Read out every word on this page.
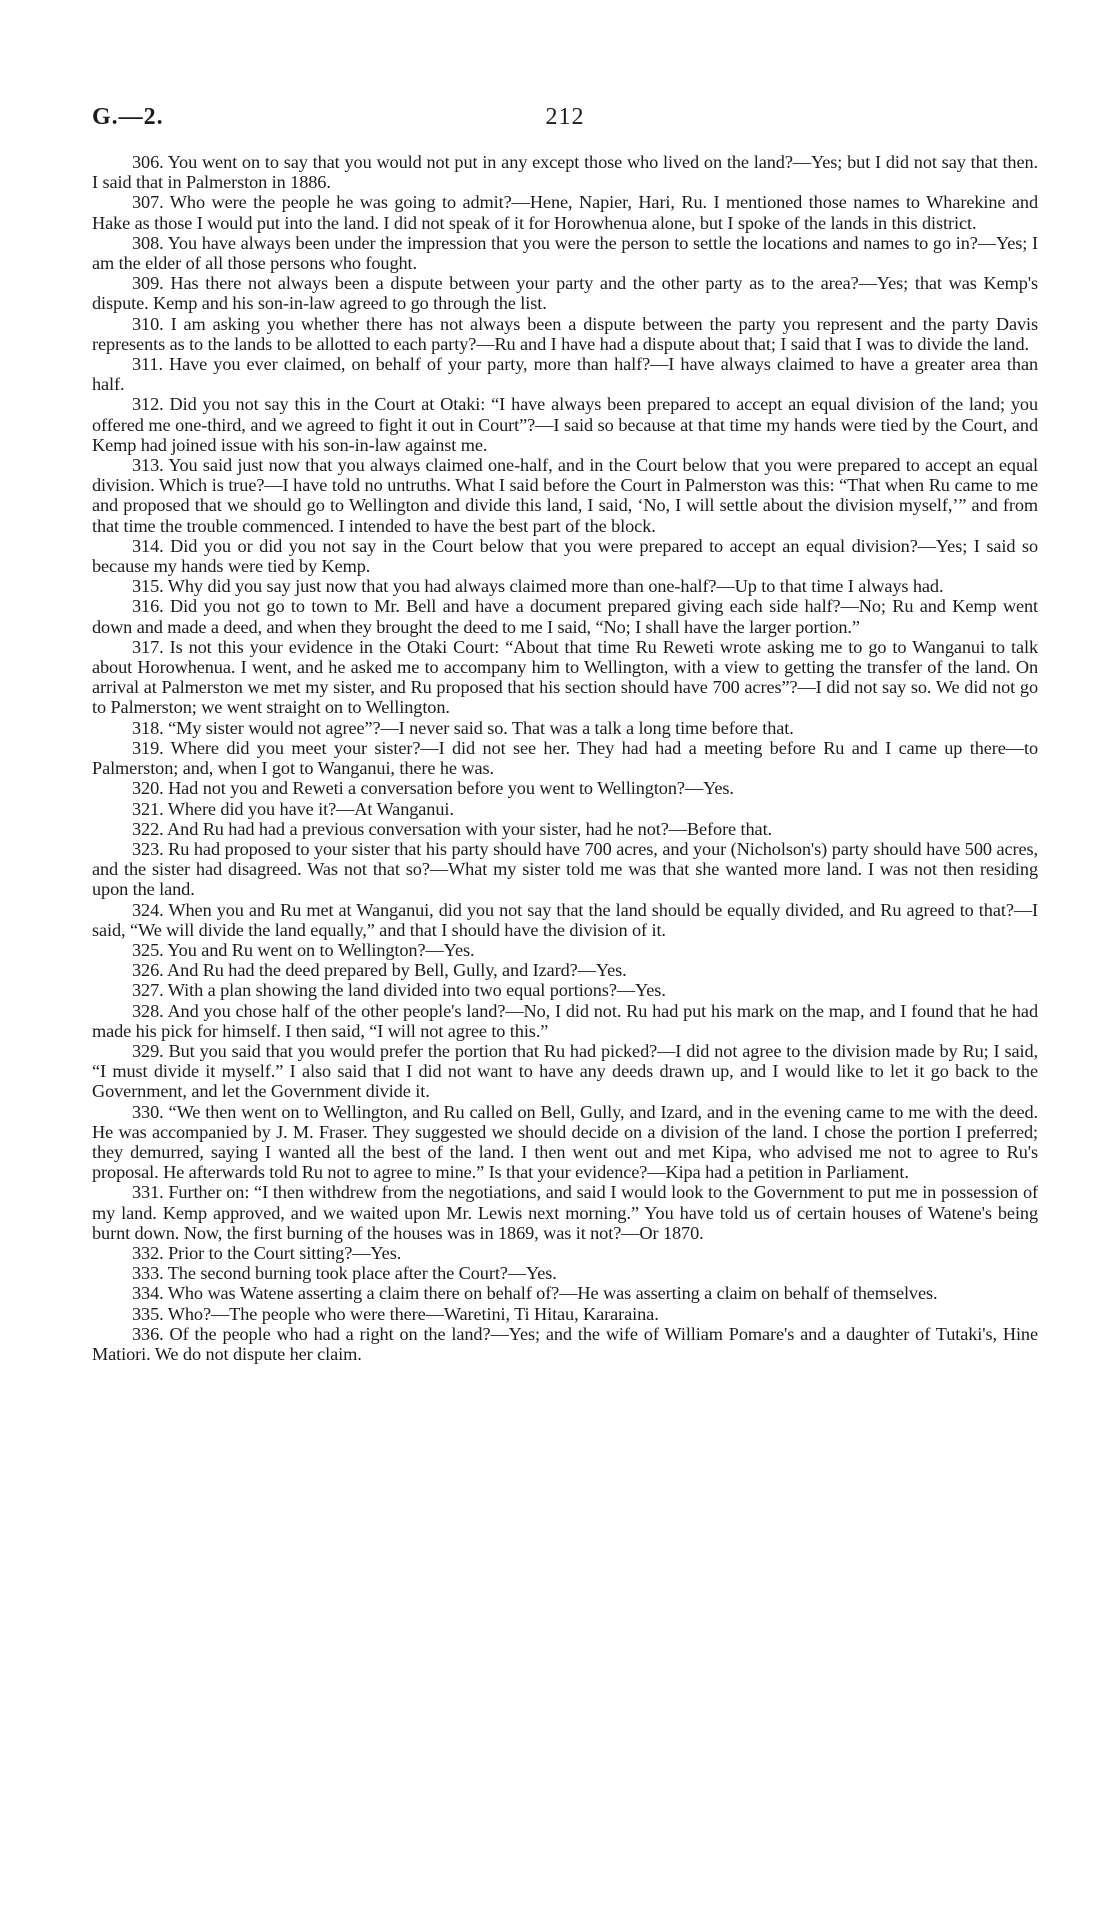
G.—2.	212

306. You went on to say that you would not put in any except those who lived on the land?—Yes; but I did not say that then. I said that in Palmerston in 1886.

307. Who were the people he was going to admit?—Hene, Napier, Hari, Ru. I mentioned those names to Wharekine and Hake as those I would put into the land. I did not speak of it for Horowhenua alone, but I spoke of the lands in this district.

308. You have always been under the impression that you were the person to settle the locations and names to go in?—Yes; I am the elder of all those persons who fought.

309. Has there not always been a dispute between your party and the other party as to the area?—Yes; that was Kemp's dispute. Kemp and his son-in-law agreed to go through the list.

310. I am asking you whether there has not always been a dispute between the party you represent and the party Davis represents as to the lands to be allotted to each party?—Ru and I have had a dispute about that; I said that I was to divide the land.

311. Have you ever claimed, on behalf of your party, more than half?—I have always claimed to have a greater area than half.

312. Did you not say this in the Court at Otaki: “I have always been prepared to accept an equal division of the land; you offered me one-third, and we agreed to fight it out in Court”?—I said so because at that time my hands were tied by the Court, and Kemp had joined issue with his son-in-law against me.

313. You said just now that you always claimed one-half, and in the Court below that you were prepared to accept an equal division. Which is true?—I have told no untruths. What I said before the Court in Palmerston was this: “That when Ru came to me and proposed that we should go to Wellington and divide this land, I said, ‘No, I will settle about the division myself,’” and from that time the trouble commenced. I intended to have the best part of the block.

314. Did you or did you not say in the Court below that you were prepared to accept an equal division?—Yes; I said so because my hands were tied by Kemp.

315. Why did you say just now that you had always claimed more than one-half?—Up to that time I always had.

316. Did you not go to town to Mr. Bell and have a document prepared giving each side half?—No; Ru and Kemp went down and made a deed, and when they brought the deed to me I said, “No; I shall have the larger portion.”

317. Is not this your evidence in the Otaki Court: “About that time Ru Reweti wrote asking me to go to Wanganui to talk about Horowhenua. I went, and he asked me to accompany him to Wellington, with a view to getting the transfer of the land. On arrival at Palmerston we met my sister, and Ru proposed that his section should have 700 acres”?—I did not say so. We did not go to Palmerston; we went straight on to Wellington.

318. “My sister would not agree”?—I never said so. That was a talk a long time before that.

319. Where did you meet your sister?—I did not see her. They had had a meeting before Ru and I came up there—to Palmerston; and, when I got to Wanganui, there he was.

320. Had not you and Reweti a conversation before you went to Wellington?—Yes.

321. Where did you have it?—At Wanganui.

322. And Ru had had a previous conversation with your sister, had he not?—Before that.

323. Ru had proposed to your sister that his party should have 700 acres, and your (Nicholson's) party should have 500 acres, and the sister had disagreed. Was not that so?—What my sister told me was that she wanted more land. I was not then residing upon the land.

324. When you and Ru met at Wanganui, did you not say that the land should be equally divided, and Ru agreed to that?—I said, “We will divide the land equally,” and that I should have the division of it.

325. You and Ru went on to Wellington?—Yes.

326. And Ru had the deed prepared by Bell, Gully, and Izard?—Yes.

327. With a plan showing the land divided into two equal portions?—Yes.

328. And you chose half of the other people's land?—No, I did not. Ru had put his mark on the map, and I found that he had made his pick for himself. I then said, “I will not agree to this.”

329. But you said that you would prefer the portion that Ru had picked?—I did not agree to the division made by Ru; I said, “I must divide it myself.” I also said that I did not want to have any deeds drawn up, and I would like to let it go back to the Government, and let the Government divide it.

330. “We then went on to Wellington, and Ru called on Bell, Gully, and Izard, and in the evening came to me with the deed. He was accompanied by J. M. Fraser. They suggested we should decide on a division of the land. I chose the portion I preferred; they demurred, saying I wanted all the best of the land. I then went out and met Kipa, who advised me not to agree to Ru's proposal. He afterwards told Ru not to agree to mine.” Is that your evidence?—Kipa had a petition in Parliament.

331. Further on: “I then withdrew from the negotiations, and said I would look to the Government to put me in possession of my land. Kemp approved, and we waited upon Mr. Lewis next morning.” You have told us of certain houses of Watene's being burnt down. Now, the first burning of the houses was in 1869, was it not?—Or 1870.

332. Prior to the Court sitting?—Yes.

333. The second burning took place after the Court?—Yes.

334. Who was Watene asserting a claim there on behalf of?—He was asserting a claim on behalf of themselves.

335. Who?—The people who were there—Waretini, Ti Hitau, Kararaina.

336. Of the people who had a right on the land?—Yes; and the wife of William Pomare's and a daughter of Tutaki's, Hine Matiori. We do not dispute her claim.
